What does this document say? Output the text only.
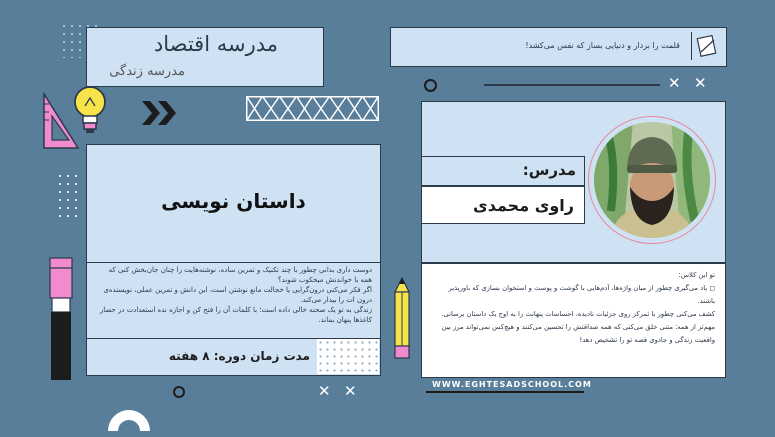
مدرسه اقتصاد
مدرسه زندگی
قلمت را بردار و دنیایی بساز که نفس می‌کشد!
✕ ✕
داستان نویسی
دوست داری بدانی چطور با چند تکنیک و تمرین ساده، نوشته‌هایت را چنان جان‌بخش کنی که همه با خواندنش میخکوب شوند؟
اگر فکر می‌کنی درون‌گرایی یا خجالت مانع نوشتن است، این دانش و تمرین عملی، نویسنده‌ی درون ات را بیدار می‌کند.
زندگی به تو یک صحنه خالی داده است؛ با کلمات آن را فتح کن و اجازه نده استعدادت در حصار کاغذها پنهان بماند.
مدت زمان دوره: ۸ هفته
✕ ✕
مدرس:
راوی محمدی
تو این کلاس:
◻ یاد می‌گیری چطور از میان واژه‌ها، آدم‌هایی با گوشت و پوست و استخوان بسازی که باورپذیر باشند.
کشف می‌کنی چطور با تمرکز روی جزئیات نادیده، احساسات پنهانت را به اوج یک داستان برسانی.
مهم‌تر از همه: متنی خلق می‌کنی که همه صداقتش را تحسین می‌کنند و هیچ‌کس نمی‌تواند مرز بین
واقعیت زندگی و جادوی قصه تو را تشخیص دهد!
WWW.EGHTESADSCHOOL.COM
